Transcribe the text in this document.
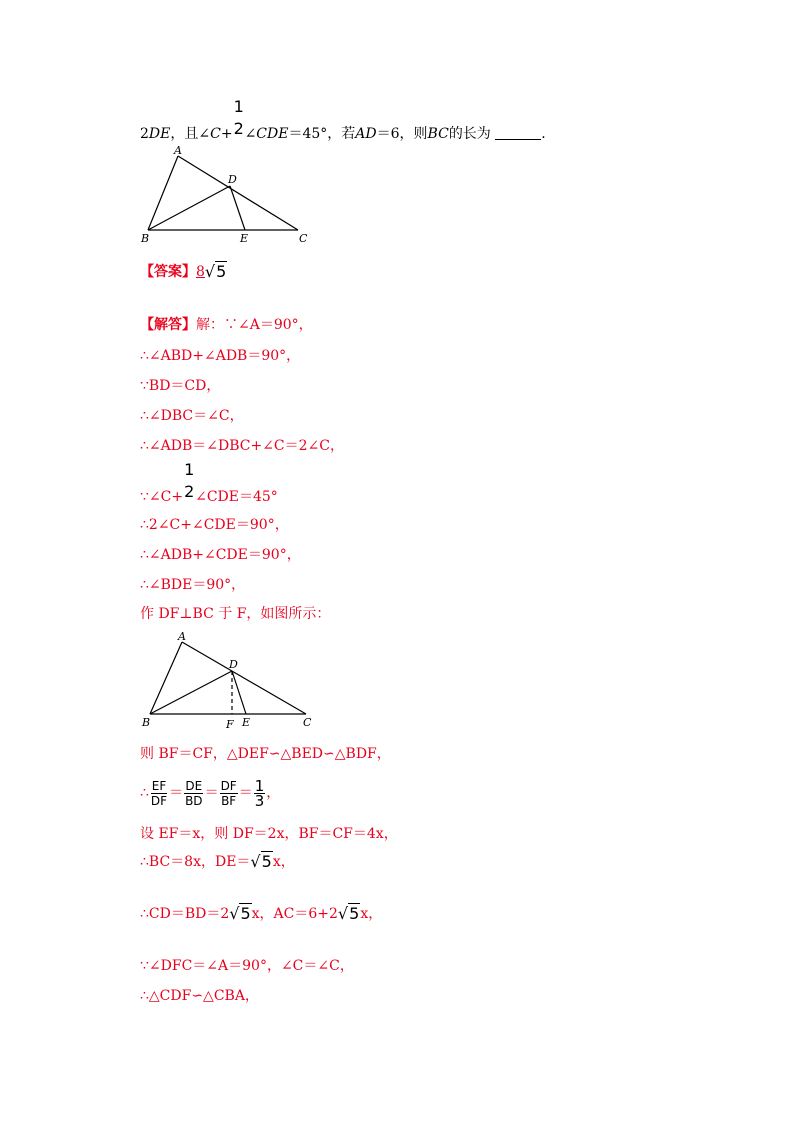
2DE，且∠C+
1
2 ∠CDE＝45°，若AD＝6，则BC的长为	.
A
B	C
D
E
【答案】8√5
【解答】解：∵∠A＝90°，
∴∠ABD+∠ADB＝90°，
∵BD＝CD，
∴∠DBC＝∠C，
∴∠ADB＝∠DBC+∠C＝2∠C，
∵∠C+
1
2 ∠CDE＝45°
∴2∠C+∠CDE＝90°，
∴∠ADB+∠CDE＝90°，
∴∠BDE＝90°，
作 DF⊥BC 于 F，如图所示：
A
B	C
D
E
F
则 BF＝CF，△DEF∽△BED∽△BDF，
∴ $\frac{EF}{DF} = \frac{DE}{BD} = \frac{DF}{BF} = \frac{1}{3}$ ，
设 EF＝x，则 DF＝2x，BF＝CF＝4x，
∴BC＝8x，DE＝√5x，
∴CD＝BD＝2√5x，AC＝6+2√5x，
∵∠DFC＝∠A＝90°，∠C＝∠C，
∴△CDF∽△CBA，
